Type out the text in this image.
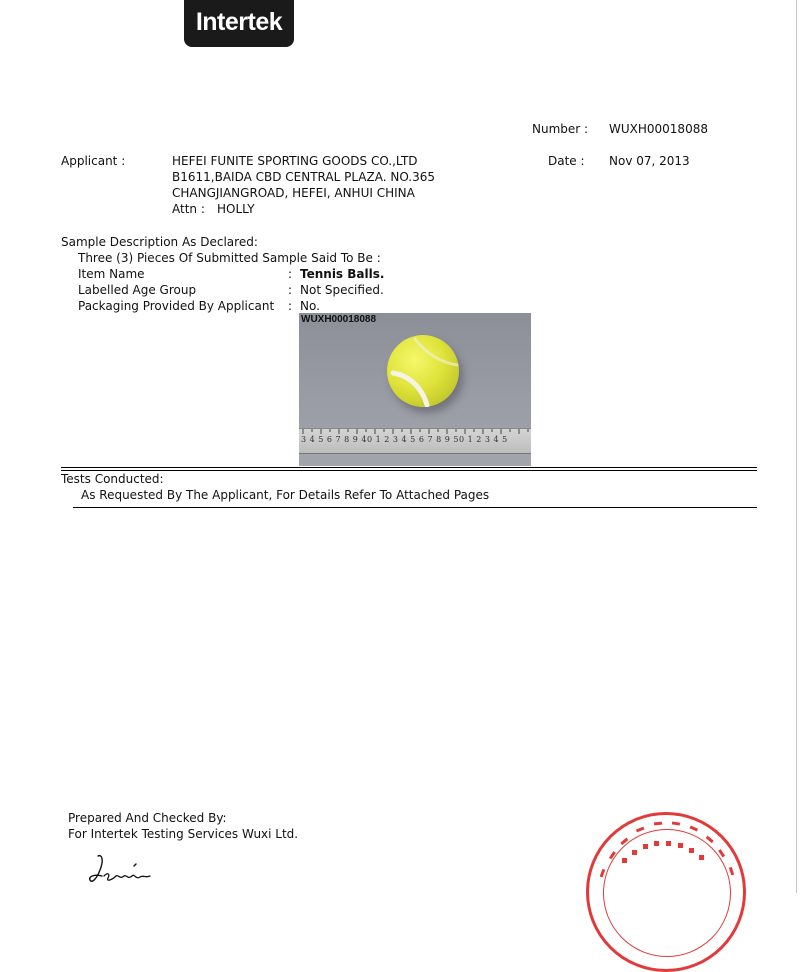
Intertek
Number : WUXH00018088
Date : Nov 07, 2013
Applicant :	HEFEI FUNITE SPORTING GOODS CO.,LTD
B1611,BAIDA CBD CENTRAL PLAZA. NO.365
CHANGJIANGROAD, HEFEI, ANHUI CHINA
Attn : HOLLY
Sample Description As Declared:
Three (3) Pieces Of Submitted Sample Said To Be :
Item Name	: Tennis Balls.
Labelled Age Group	: Not Specified.
Packaging Provided By Applicant : No.
WUXH00018088
3 4 5 6 7 8 9 40 1 2 3 4 5 6 7 8 9 50 1 2 3 4 5
Tests Conducted:
As Requested By The Applicant, For Details Refer To Attached Pages
Prepared And Checked By:
For Intertek Testing Services Wuxi Ltd.
